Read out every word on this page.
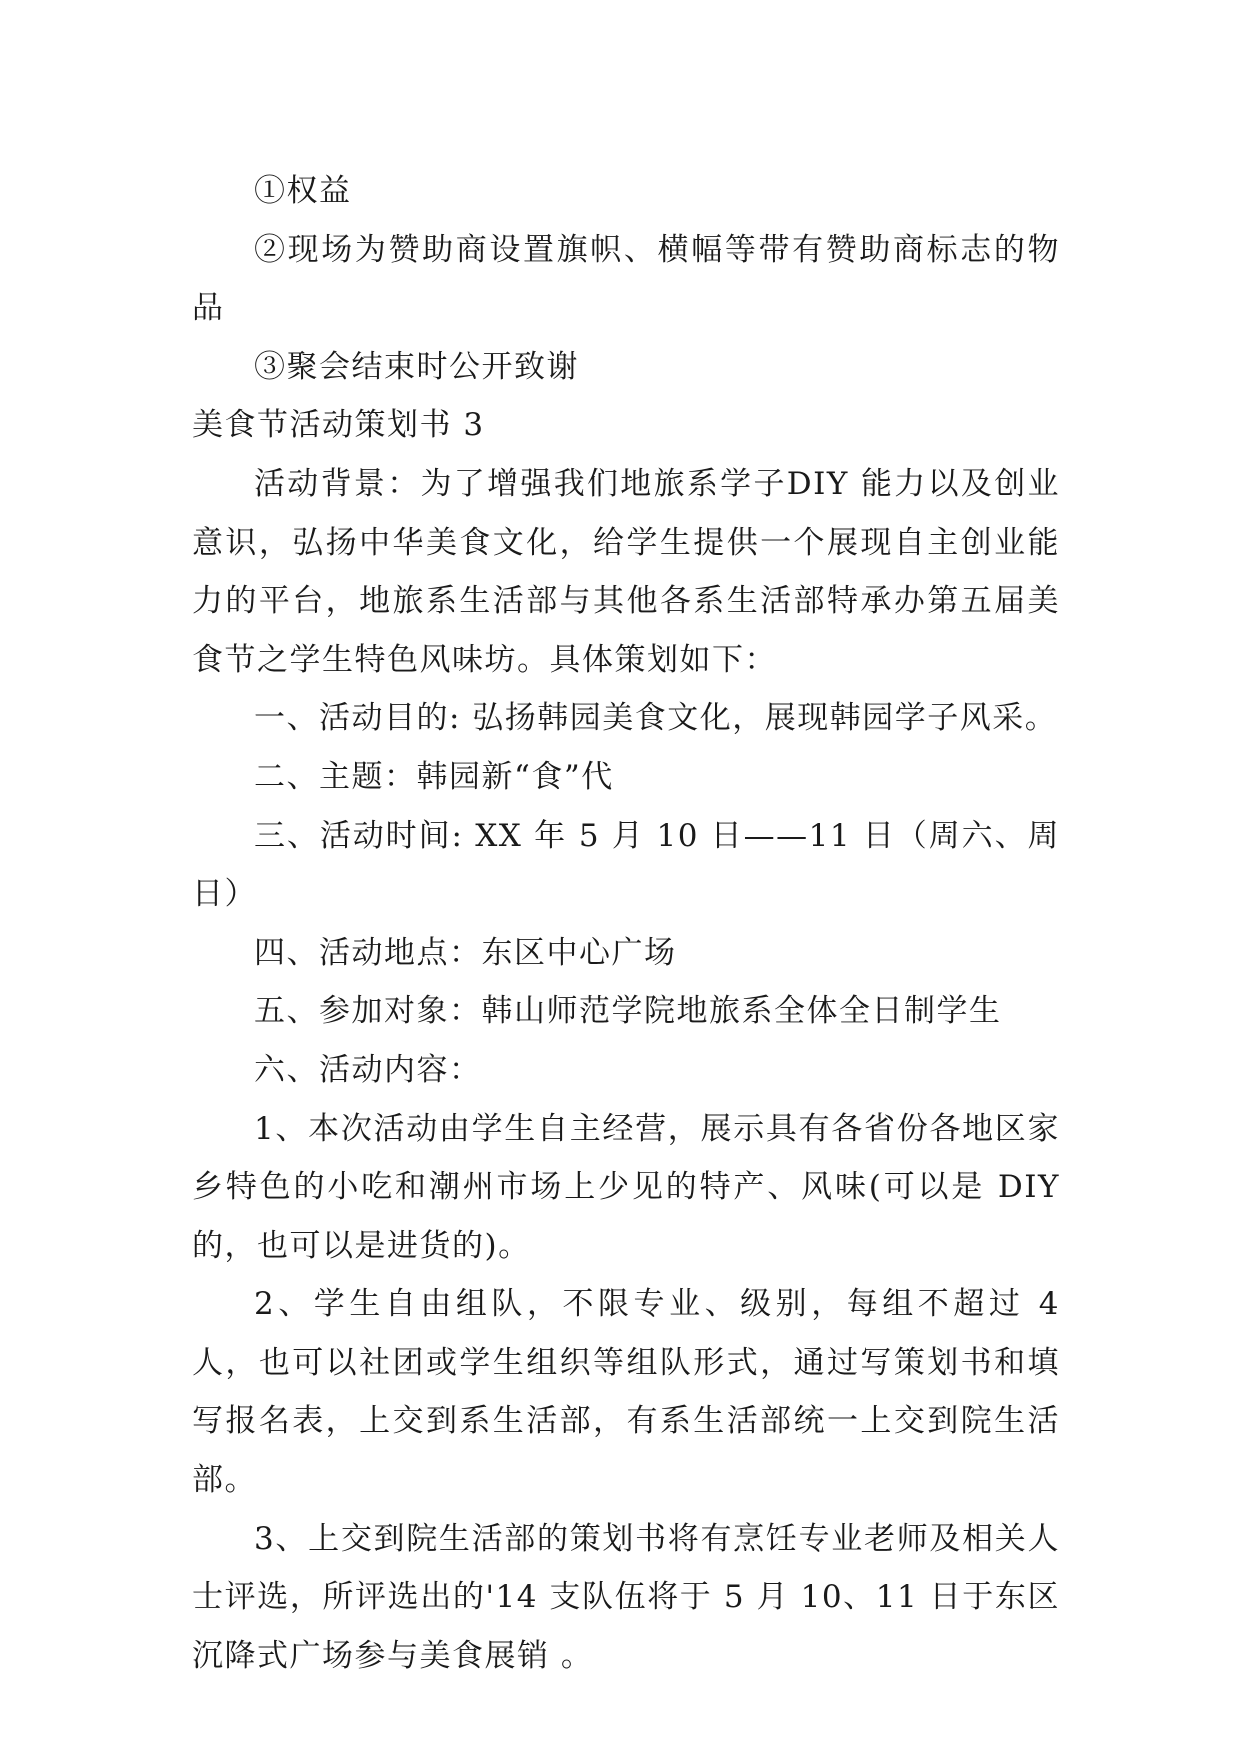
①权益

②现场为赞助商设置旗帜、横幅等带有赞助商标志的物品

③聚会结束时公开致谢

美食节活动策划书 3

活动背景：为了增强我们地旅系学子DIY 能力以及创业意识，弘扬中华美食文化，给学生提供一个展现自主创业能力的平台，地旅系生活部与其他各系生活部特承办第五届美食节之学生特色风味坊。具体策划如下：

一、活动目的: 弘扬韩园美食文化，展现韩园学子风采。

二、主题：韩园新“食”代

三、活动时间: XX 年 5 月 10 日——11 日（周六、周日）

四、活动地点：东区中心广场

五、参加对象：韩山师范学院地旅系全体全日制学生

六、活动内容：

1、本次活动由学生自主经营，展示具有各省份各地区家乡特色的小吃和潮州市场上少见的特产、风味(可以是 DIY 的，也可以是进货的)。

2、学生自由组队，不限专业、级别，每组不超过 4 人，也可以社团或学生组织等组队形式，通过写策划书和填写报名表，上交到系生活部，有系生活部统一上交到院生活部。

3、上交到院生活部的策划书将有烹饪专业老师及相关人士评选，所评选出的'14 支队伍将于 5 月 10、11 日于东区沉降式广场参与美食展销 。
